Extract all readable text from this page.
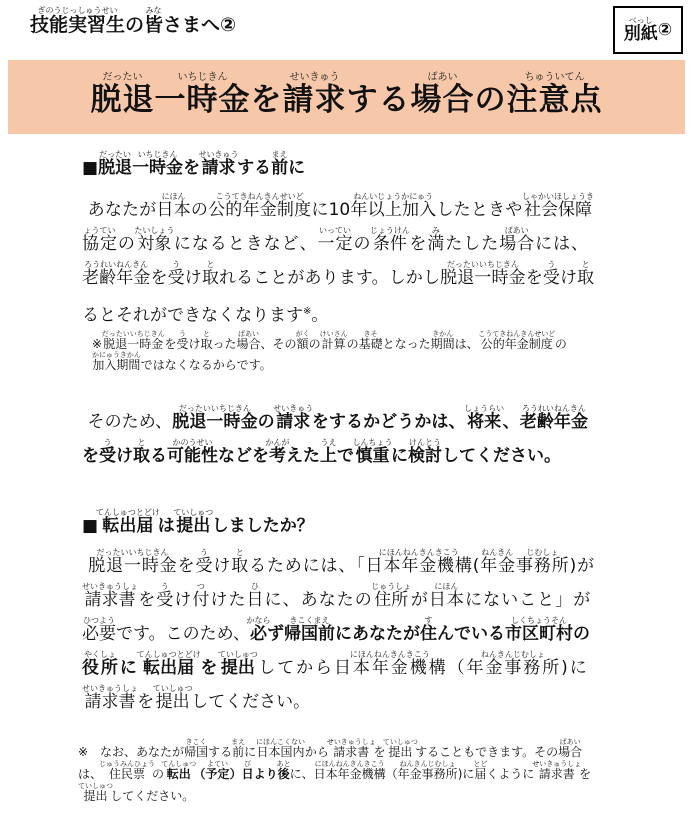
技能実習生ぎのうじっしゅうせいの皆みなさまへ②	別紙べっし ②
脱退だったい一時金いちじきんを請求せいきゅうする場合ばあいの注意点ちゅういてん
■脱退だったい一時金いちじきんを請求せいきゅうする前まえに
あなたが日本にほんの公的年金制度こうてきねんきんせいどに10年以上加入ねんいじょうかにゅうしたときや社会保障協定しゃかいほしょうきょうていの対象たいしょうになるときなど、一定いっていの条件じょうけんを満みたした場合ばあいには、老齢年金ろうれいねんきんを受うけ取とれることがあります。しかし脱退一時金だったいいちじきんを受うけ取とるとそれができなくなります※。
※脱退一時金だったいいちじきんを受うけ取とった場合ばあい、その額がくの計算けいさんの基礎きそとなった期間きかんは、公的年金制度こうてきねんきんせいどの加入期間かにゅうきかんではなくなるからです。
そのため、脱退一時金だったいいちじきんの請求せいきゅうをするかどうかは、将来しょうらい、老齢年金ろうれいねんきんを受うけ取とる可能性かのうせいなどを考かんがえた上うえで慎重しんちょうに検討けんとうしてください。
■転出届てんしゅつとどけは提出ていしゅつしましたか？
脱退一時金だったいいちじきんを受うけ取とるためには、「日本年金機構にほんねんきんきこう(年金ねんきん事務所じむしょ)が請求書せいきゅうしょを受うけ付つけた日ひに、あなたの住所じゅうしょが日本にほんにないこと」が必要ひつようです。このため、必かならず帰国前きこくまえにあなたが住すんでいる市区町村しくちょうそんの役所やくしょに転出届てんしゅつとどけを提出ていしゅつしてから日本年金機構にほんねんきんきこう（年金事務所ねんきんじむしょ)に請求書せいきゅうしょを提出ていしゅつしてください。
※　なお、あなたが帰国きこくする前まえに日本国内にほんこくないから請求書せいきゅうしょを提出ていしゅつすることもできます。その場合ばあいは、住民票じゅうみんひょうの転出てんしゅつ（予定よてい）日びより後あとに、日本年金機構にほんねんきんきこう（年金事務所ねんきんじむしょ)に届とどくように請求書せいきゅうしょを提出ていしゅつしてください。
